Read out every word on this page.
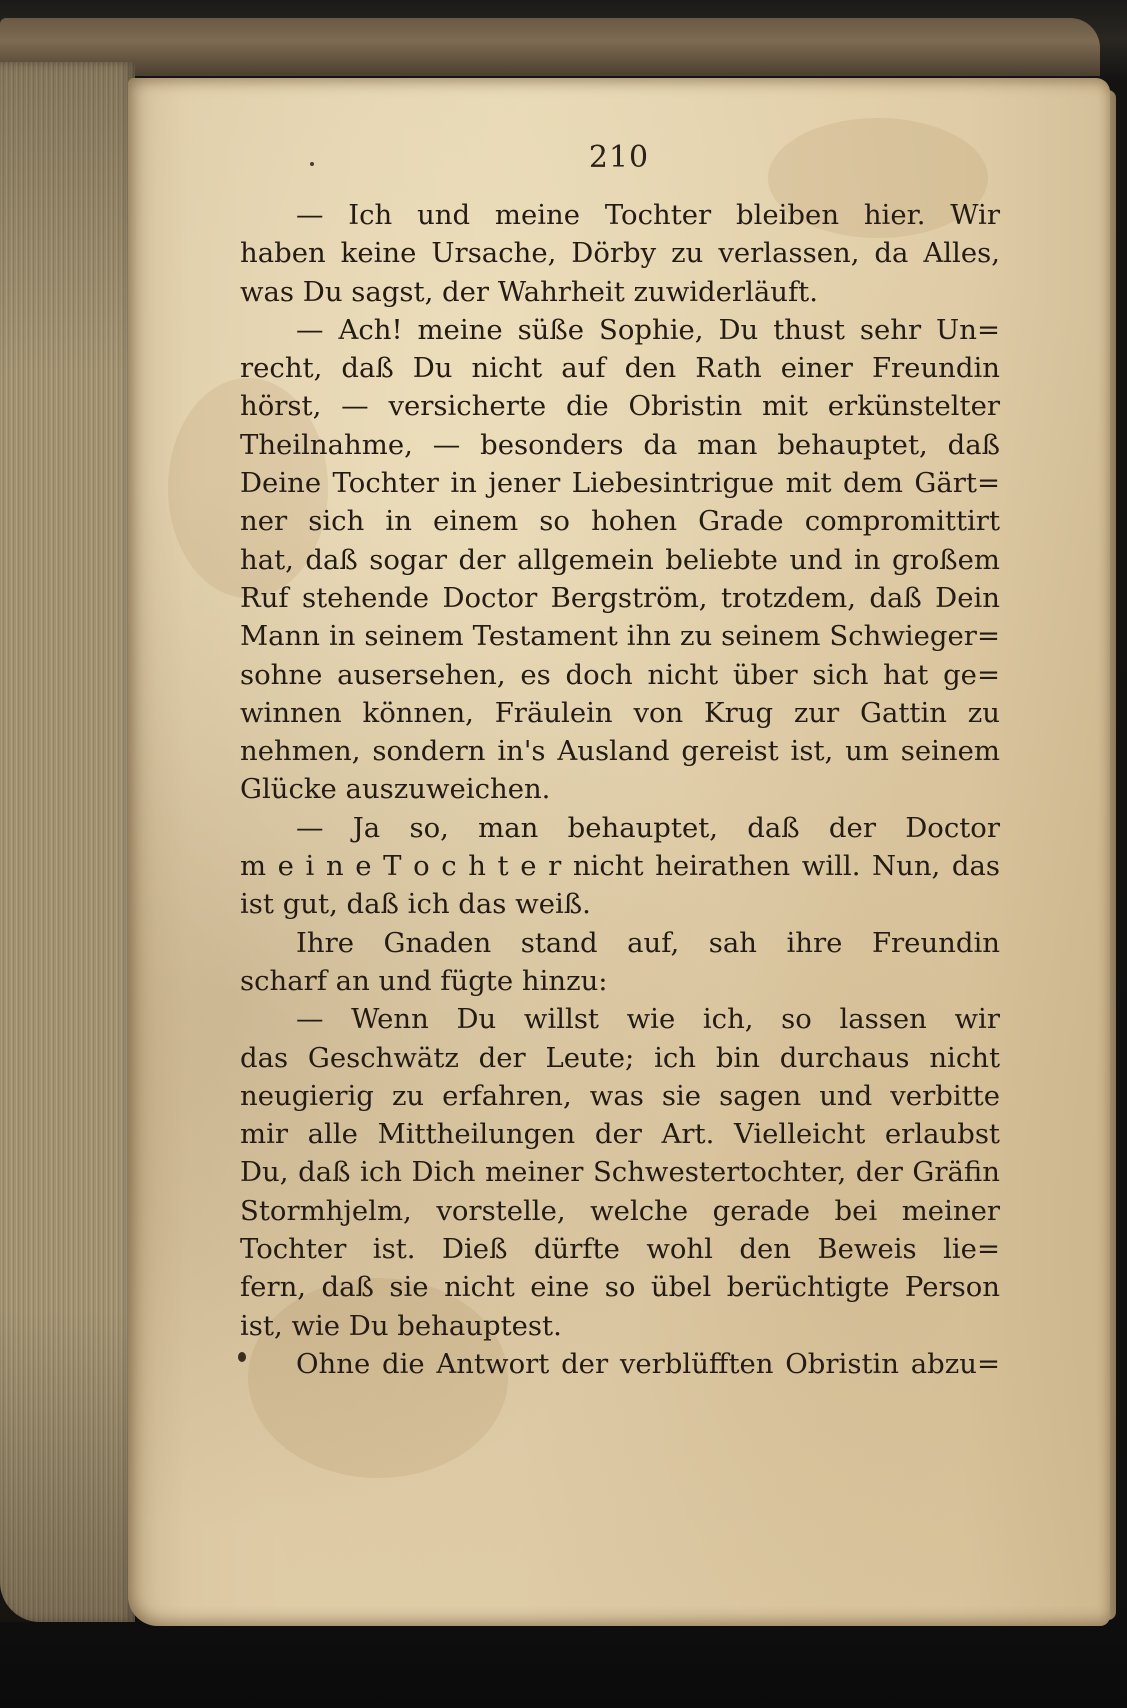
210
— Ich und meine Tochter bleiben hier. Wir
haben keine Ursache, Dörby zu verlassen, da Alles,
was Du sagst, der Wahrheit zuwiderläuft.
— Ach! meine süße Sophie, Du thust sehr Un=
recht, daß Du nicht auf den Rath einer Freundin
hörst, — versicherte die Obristin mit erkünstelter
Theilnahme, — besonders da man behauptet, daß
Deine Tochter in jener Liebesintrigue mit dem Gärt=
ner sich in einem so hohen Grade compromittirt
hat, daß sogar der allgemein beliebte und in großem
Ruf stehende Doctor Bergström, trotzdem, daß Dein
Mann in seinem Testament ihn zu seinem Schwieger=
sohne ausersehen, es doch nicht über sich hat ge=
winnen können, Fräulein von Krug zur Gattin zu
nehmen, sondern in's Ausland gereist ist, um seinem
Glücke auszuweichen.
— Ja so, man behauptet, daß der Doctor
m e i n e T o c h t e r nicht heirathen will. Nun, das
ist gut, daß ich das weiß.
Ihre Gnaden stand auf, sah ihre Freundin
scharf an und fügte hinzu:
— Wenn Du willst wie ich, so lassen wir
das Geschwätz der Leute; ich bin durchaus nicht
neugierig zu erfahren, was sie sagen und verbitte
mir alle Mittheilungen der Art. Vielleicht erlaubst
Du, daß ich Dich meiner Schwestertochter, der Gräfin
Stormhjelm, vorstelle, welche gerade bei meiner
Tochter ist. Dieß dürfte wohl den Beweis lie=
fern, daß sie nicht eine so übel berüchtigte Person
ist, wie Du behauptest.
Ohne die Antwort der verblüfften Obristin abzu=
